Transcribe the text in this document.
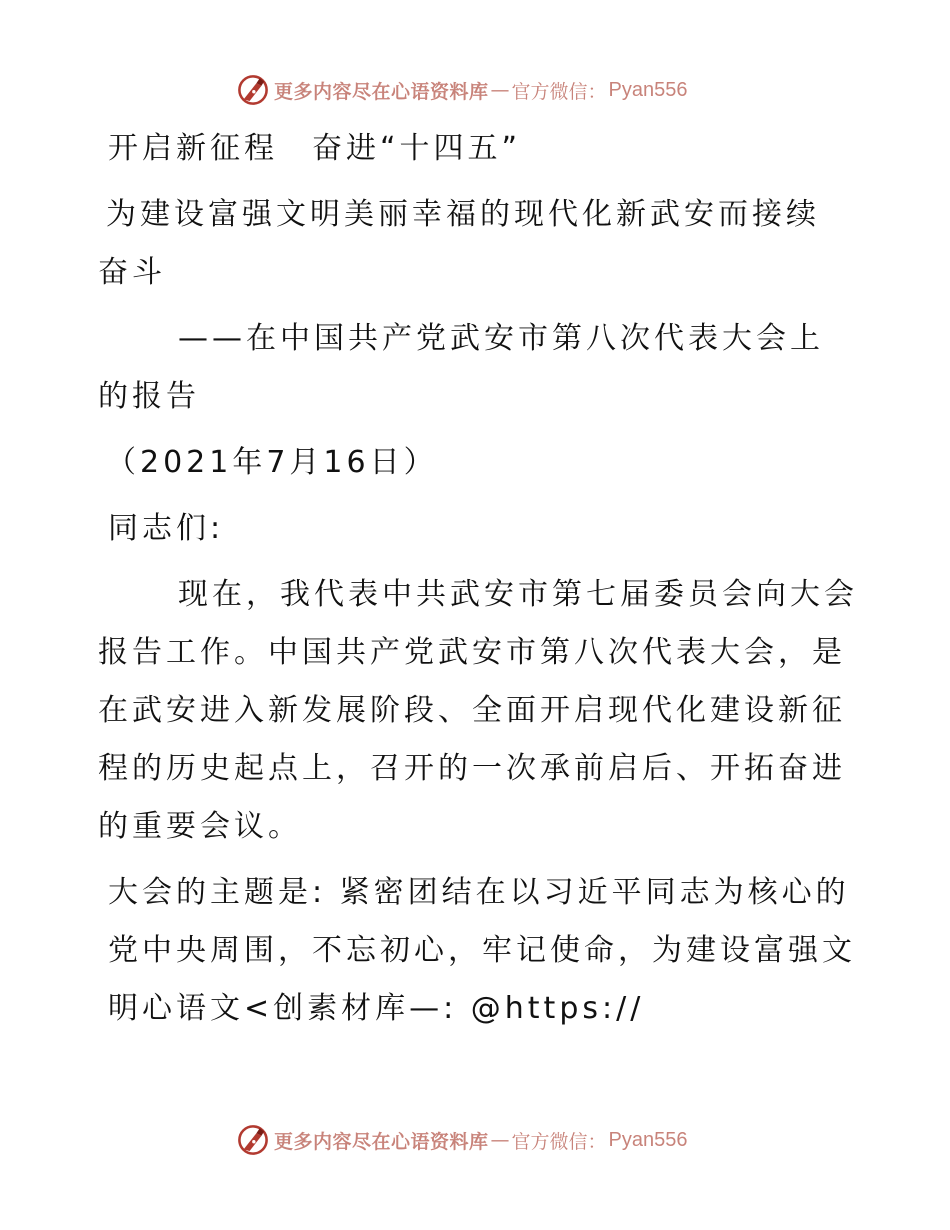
更多内容尽在心语资料库 — 官方微信： Pyan556
开启新征程　奋进“十四五”
为建设富强文明美丽幸福的现代化新武安而接续
奋斗
——在中国共产党武安市第八次代表大会上
的报告
（2021年7月16日）
同志们:
现在，我代表中共武安市第七届委员会向大会报告工作。中国共产党武安市第八次代表大会，是在武安进入新发展阶段、全面开启现代化建设新征程的历史起点上，召开的一次承前启后、开拓奋进的重要会议。
大会的主题是: 紧密团结在以习近平同志为核心的党中央周围，不忘初心，牢记使命，为建设富强文明心语文<创素材库—: @https://
更多内容尽在心语资料库 — 官方微信： Pyan556
